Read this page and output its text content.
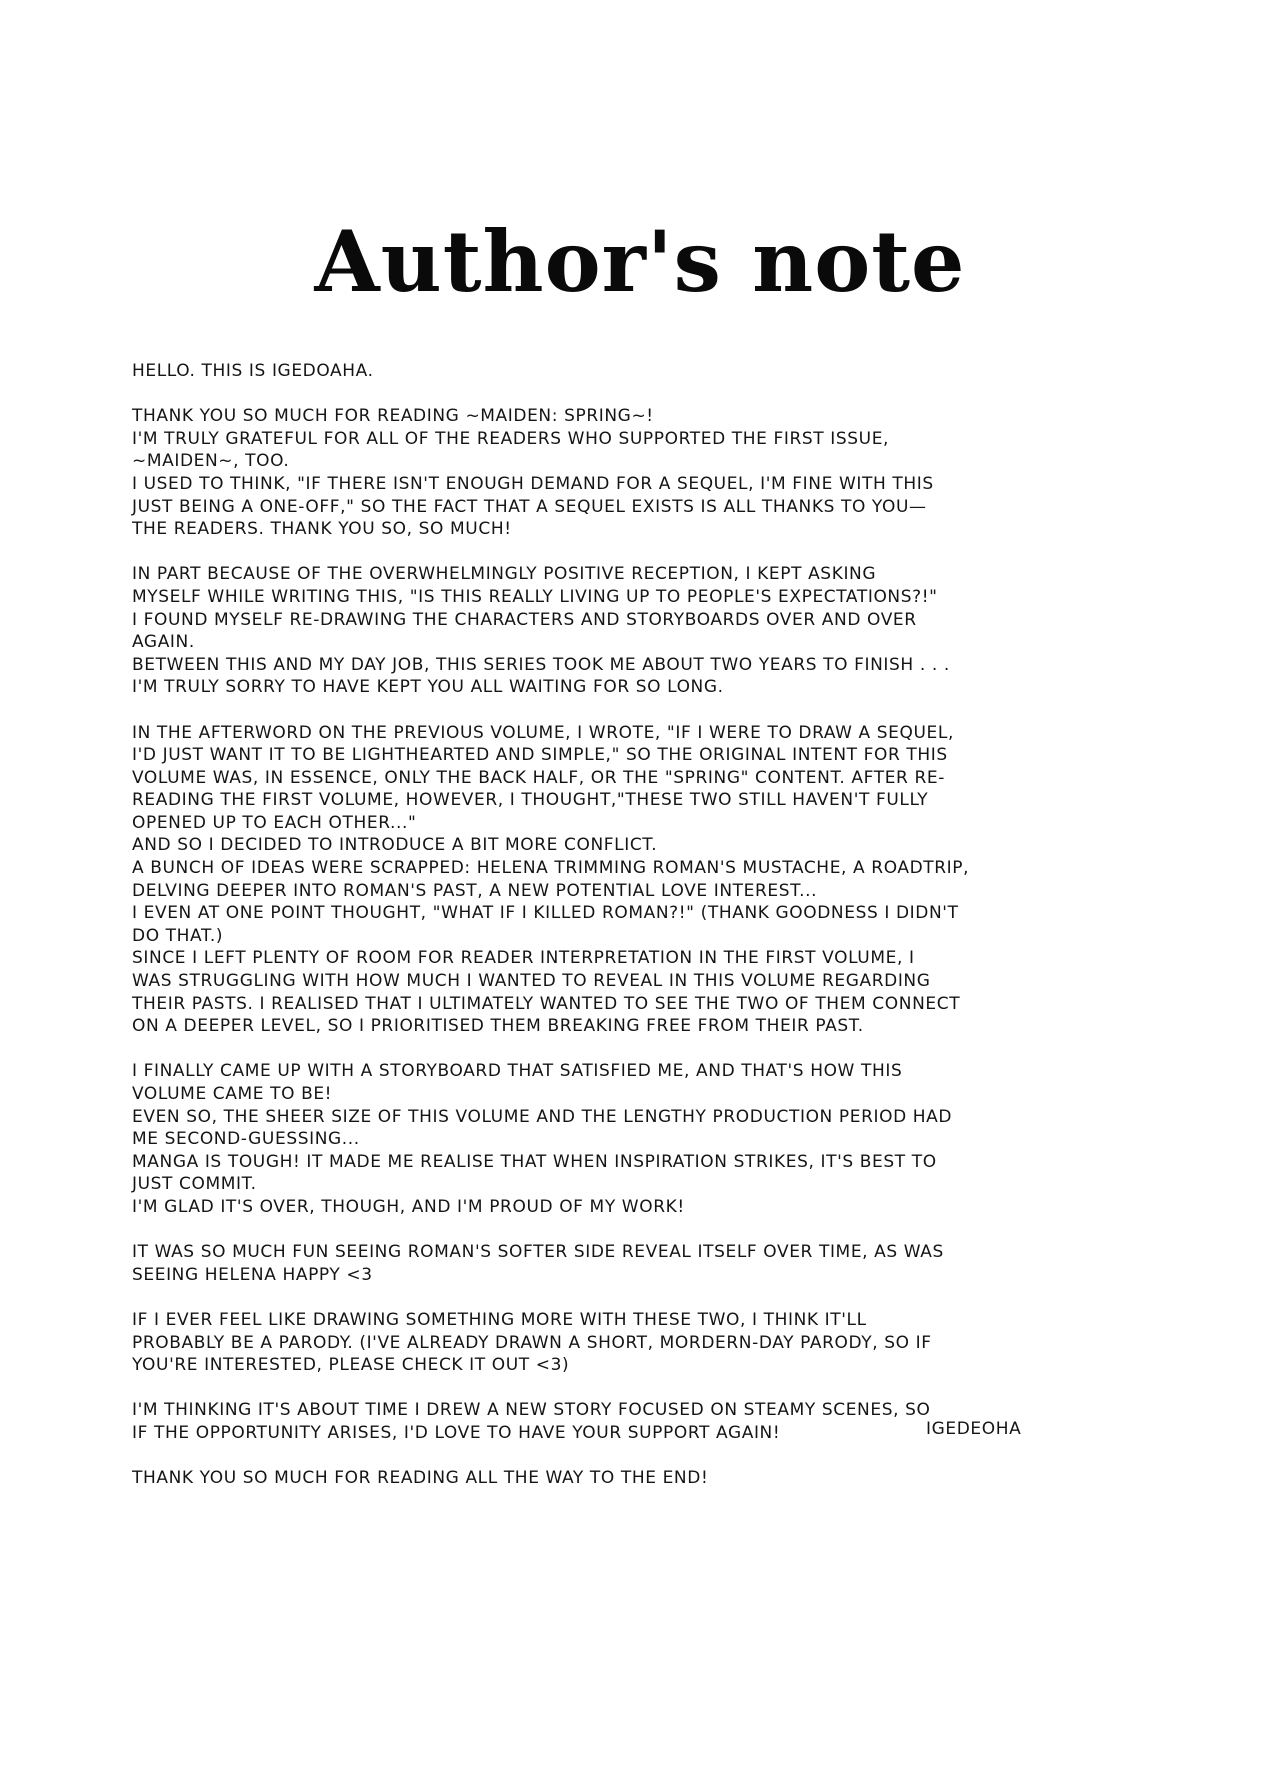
Author's note

HELLO. THIS IS IGEDOAHA.

THANK YOU SO MUCH FOR READING ~MAIDEN: SPRING~!
I'M TRULY GRATEFUL FOR ALL OF THE READERS WHO SUPPORTED THE FIRST ISSUE,
~MAIDEN~, TOO.
I USED TO THINK, "IF THERE ISN'T ENOUGH DEMAND FOR A SEQUEL, I'M FINE WITH THIS
JUST BEING A ONE-OFF," SO THE FACT THAT A SEQUEL EXISTS IS ALL THANKS TO YOU—
THE READERS. THANK YOU SO, SO MUCH!

IN PART BECAUSE OF THE OVERWHELMINGLY POSITIVE RECEPTION, I KEPT ASKING
MYSELF WHILE WRITING THIS, "IS THIS REALLY LIVING UP TO PEOPLE'S EXPECTATIONS?!"
I FOUND MYSELF RE-DRAWING THE CHARACTERS AND STORYBOARDS OVER AND OVER
AGAIN.
BETWEEN THIS AND MY DAY JOB, THIS SERIES TOOK ME ABOUT TWO YEARS TO FINISH . . .
I'M TRULY SORRY TO HAVE KEPT YOU ALL WAITING FOR SO LONG.

IN THE AFTERWORD ON THE PREVIOUS VOLUME, I WROTE, "IF I WERE TO DRAW A SEQUEL,
I'D JUST WANT IT TO BE LIGHTHEARTED AND SIMPLE," SO THE ORIGINAL INTENT FOR THIS
VOLUME WAS, IN ESSENCE, ONLY THE BACK HALF, OR THE "SPRING" CONTENT. AFTER RE-
READING THE FIRST VOLUME, HOWEVER, I THOUGHT,"THESE TWO STILL HAVEN'T FULLY
OPENED UP TO EACH OTHER..."
AND SO I DECIDED TO INTRODUCE A BIT MORE CONFLICT.
A BUNCH OF IDEAS WERE SCRAPPED: HELENA TRIMMING ROMAN'S MUSTACHE, A ROADTRIP,
DELVING DEEPER INTO ROMAN'S PAST, A NEW POTENTIAL LOVE INTEREST...
I EVEN AT ONE POINT THOUGHT, "WHAT IF I KILLED ROMAN?!" (THANK GOODNESS I DIDN'T
DO THAT.)
SINCE I LEFT PLENTY OF ROOM FOR READER INTERPRETATION IN THE FIRST VOLUME, I
WAS STRUGGLING WITH HOW MUCH I WANTED TO REVEAL IN THIS VOLUME REGARDING
THEIR PASTS. I REALISED THAT I ULTIMATELY WANTED TO SEE THE TWO OF THEM CONNECT
ON A DEEPER LEVEL, SO I PRIORITISED THEM BREAKING FREE FROM THEIR PAST.

I FINALLY CAME UP WITH A STORYBOARD THAT SATISFIED ME, AND THAT'S HOW THIS
VOLUME CAME TO BE!
EVEN SO, THE SHEER SIZE OF THIS VOLUME AND THE LENGTHY PRODUCTION PERIOD HAD
ME SECOND-GUESSING...
MANGA IS TOUGH! IT MADE ME REALISE THAT WHEN INSPIRATION STRIKES, IT'S BEST TO
JUST COMMIT.
I'M GLAD IT'S OVER, THOUGH, AND I'M PROUD OF MY WORK!

IT WAS SO MUCH FUN SEEING ROMAN'S SOFTER SIDE REVEAL ITSELF OVER TIME, AS WAS
SEEING HELENA HAPPY <3

IF I EVER FEEL LIKE DRAWING SOMETHING MORE WITH THESE TWO, I THINK IT'LL
PROBABLY BE A PARODY. (I'VE ALREADY DRAWN A SHORT, MORDERN-DAY PARODY, SO IF
YOU'RE INTERESTED, PLEASE CHECK IT OUT <3)

I'M THINKING IT'S ABOUT TIME I DREW A NEW STORY FOCUSED ON STEAMY SCENES, SO
IF THE OPPORTUNITY ARISES, I'D LOVE TO HAVE YOUR SUPPORT AGAIN!

THANK YOU SO MUCH FOR READING ALL THE WAY TO THE END!

IGEDEOHA
